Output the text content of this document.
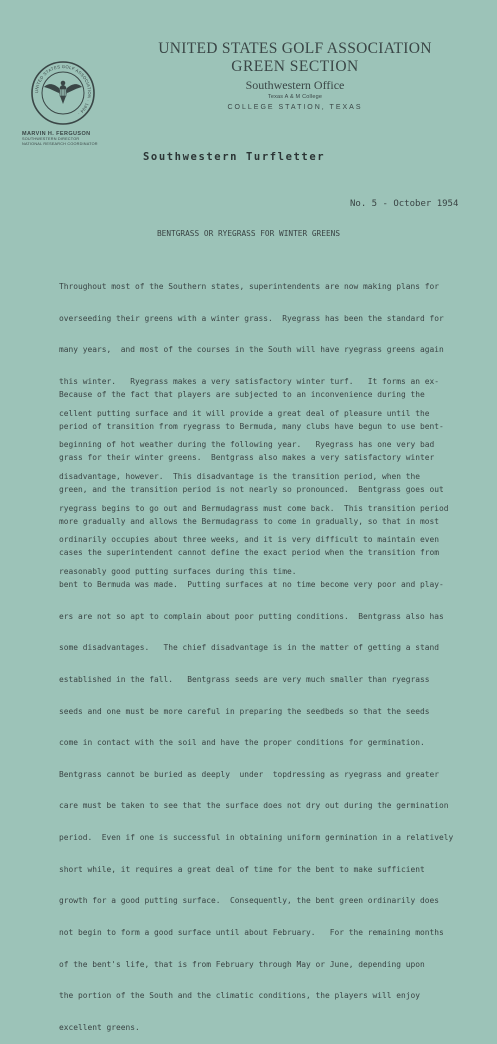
UNITED STATES GOLF ASSOCIATION · 1894 ·
UNITED STATES GOLF ASSOCIATION
GREEN SECTION
Southwestern Office
Texas A & M College
COLLEGE STATION, TEXAS
MARVIN H. FERGUSON
SOUTHWESTERN DIRECTOR
NATIONAL RESEARCH COORDINATOR
Southwestern Turfletter
No. 5 - October 1954
BENTGRASS OR RYEGRASS FOR WINTER GREENS

Throughout most of the Southern states, superintendents are now making plans for

overseeding their greens with a winter grass.  Ryegrass has been the standard for

many years,  and most of the courses in the South will have ryegrass greens again

this winter.   Ryegrass makes a very satisfactory winter turf.   It forms an ex-

cellent putting surface and it will provide a great deal of pleasure until the

beginning of hot weather during the following year.   Ryegrass has one very bad

disadvantage, however.  This disadvantage is the transition period, when the

ryegrass begins to go out and Bermudagrass must come back.  This transition period

ordinarily occupies about three weeks, and it is very difficult to maintain even

reasonably good putting surfaces during this time.

Because of the fact that players are subjected to an inconvenience during the

period of transition from ryegrass to Bermuda, many clubs have begun to use bent-

grass for their winter greens.  Bentgrass also makes a very satisfactory winter

green, and the transition period is not nearly so pronounced.  Bentgrass goes out

more gradually and allows the Bermudagrass to come in gradually, so that in most

cases the superintendent cannot define the exact period when the transition from

bent to Bermuda was made.  Putting surfaces at no time become very poor and play-

ers are not so apt to complain about poor putting conditions.  Bentgrass also has

some disadvantages.   The chief disadvantage is in the matter of getting a stand

established in the fall.   Bentgrass seeds are very much smaller than ryegrass

seeds and one must be more careful in preparing the seedbeds so that the seeds

come in contact with the soil and have the proper conditions for germination.

Bentgrass cannot be buried as deeply  under  topdressing as ryegrass and greater

care must be taken to see that the surface does not dry out during the germination

period.  Even if one is successful in obtaining uniform germination in a relatively

short while, it requires a great deal of time for the bent to make sufficient

growth for a good putting surface.  Consequently, the bent green ordinarily does

not begin to form a good surface until about February.   For the remaining months

of the bent's life, that is from February through May or June, depending upon

the portion of the South and the climatic conditions, the players will enjoy

excellent greens.
